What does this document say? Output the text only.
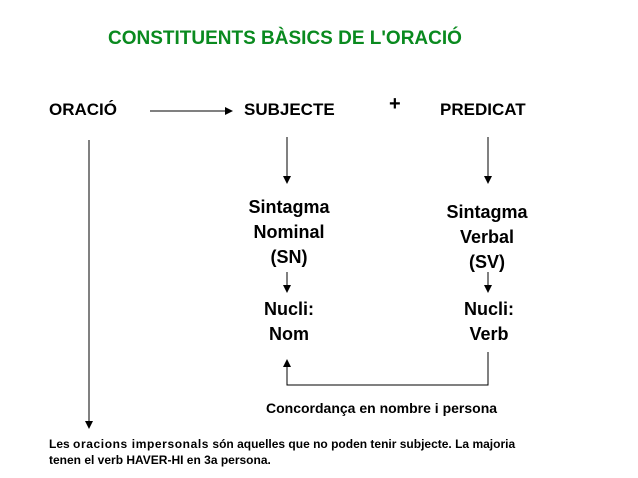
CONSTITUENTS BÀSICS DE L'ORACIÓ
ORACIÓ	SUBJECTE	+ PREDICAT
Sintagma
Nominal
(SN)
Sintagma
Verbal
(SV)
Nucli:
Nom
Nucli:
Verb
Concordança en nombre i persona
Les oracions impersonals són aquelles que no poden tenir subjecte. La majoria
tenen el verb HAVER-HI en 3a persona.
